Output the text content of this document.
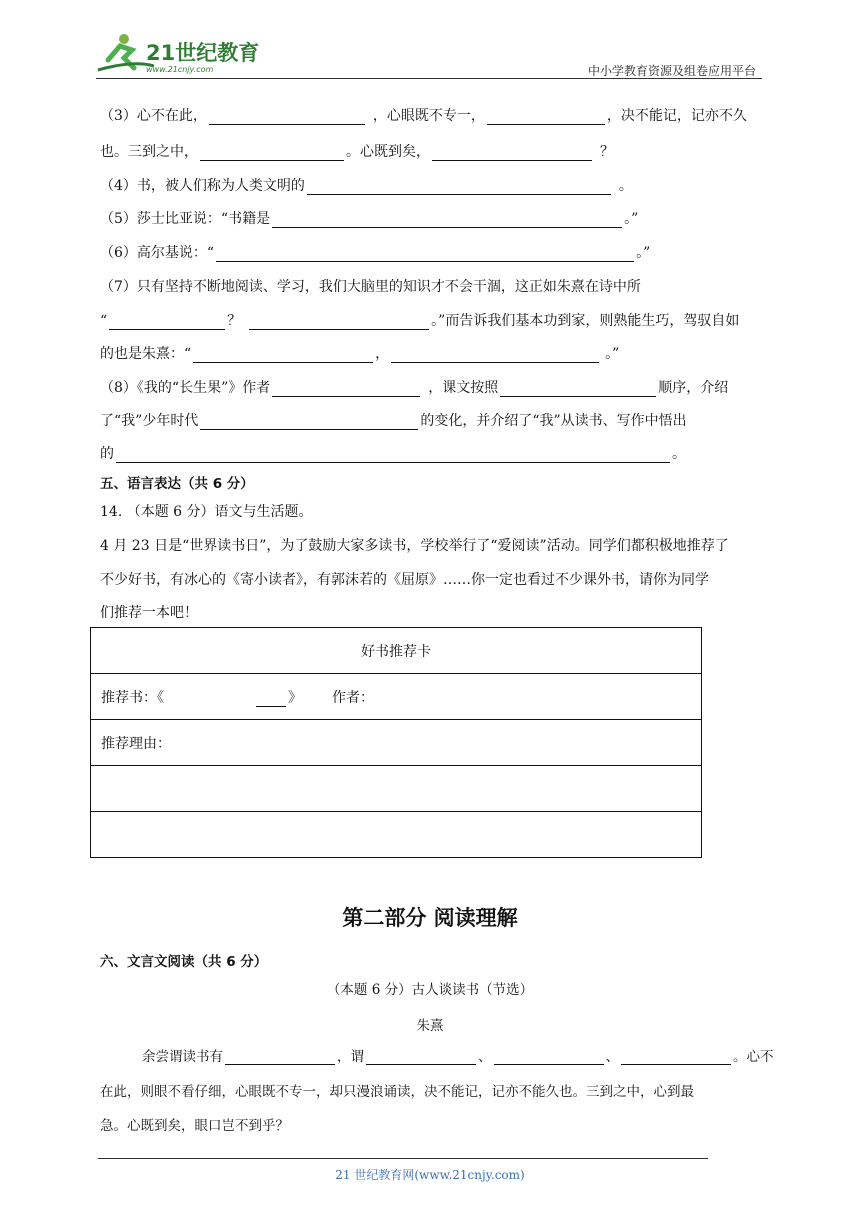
21世纪教育
www.21cnjy.com	中小学教育资源及组卷应用平台
（3）心不在此，	，心眼既不专一，	，决不能记，记亦不久
也。三到之中，	。心既到矣，	？
（4）书，被人们称为人类文明的	。
（5）莎士比亚说：“书籍是	。”
（6）高尔基说：“	。”
（7）只有坚持不断地阅读、学习，我们大脑里的知识才不会干涸，这正如朱熹在诗中所
“	？	。”而告诉我们基本功到家，则熟能生巧，驾驭自如
的也是朱熹：“	，	。”
（8）《我的“长生果”》作者	，课文按照	顺序，介绍
了“我”少年时代	的变化，并介绍了“我”从读书、写作中悟出
的	。
五、语言表达（共 6 分）
14. （本题 6 分）语文与生活题。
4 月 23 日是“世界读书日”，为了鼓励大家多读书，学校举行了“爱阅读”活动。同学们都积极地推荐了
不少好书，有冰心的《寄小读者》，有郭沫若的《屈原》……你一定也看过不少课外书，请你为同学
们推荐一本吧！
好书推荐卡
推荐书：《	》 作者：
推荐理由：

第二部分 阅读理解
六、文言文阅读（共 6 分）
（本题 6 分）古人谈读书（节选）
朱熹
余尝谓读书有	，谓	、	、	。心不
在此，则眼不看仔细，心眼既不专一，却只漫浪诵读，决不能记，记亦不能久也。三到之中，心到最
急。心既到矣，眼口岂不到乎？
21 世纪教育网(www.21cnjy.com)
